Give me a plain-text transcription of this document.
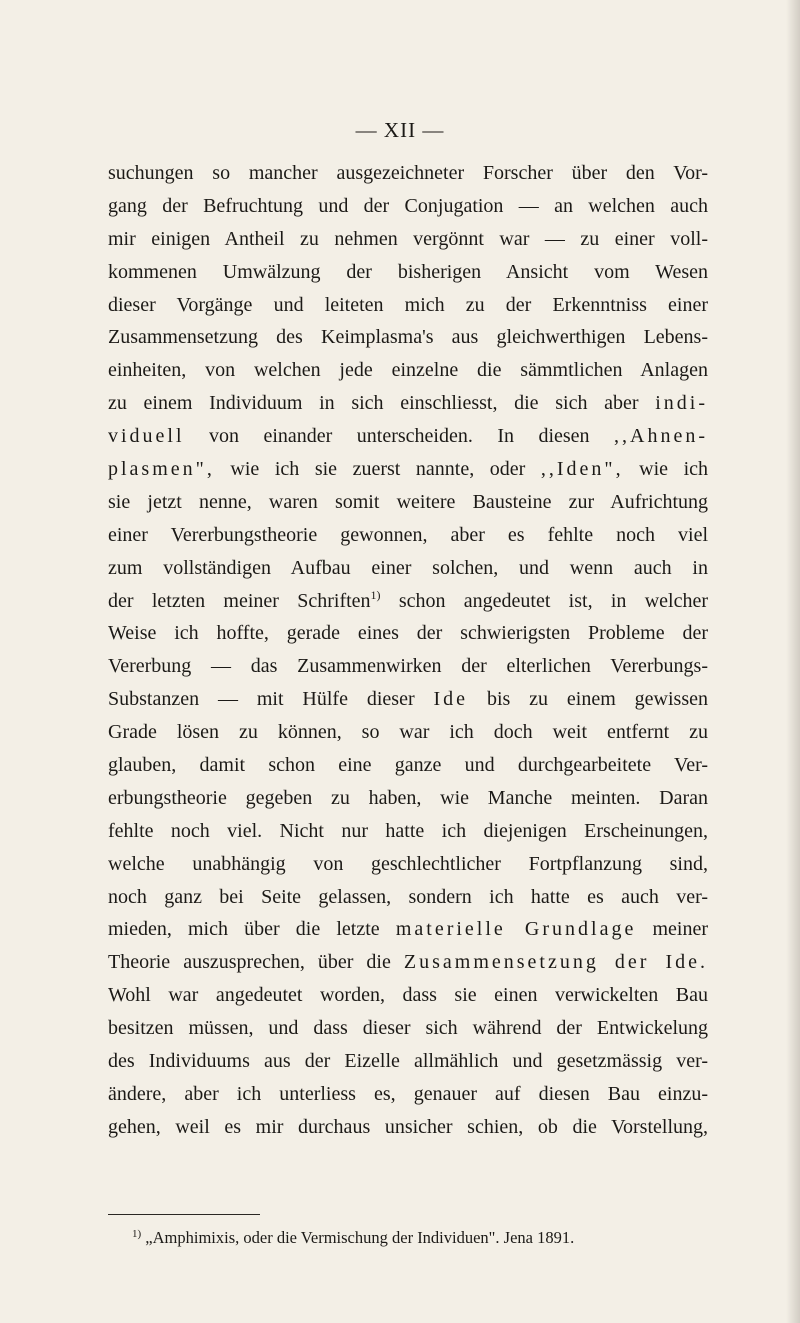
— XII —
suchungen so mancher ausgezeichneter Forscher über den Vor-
gang der Befruchtung und der Conjugation — an welchen auch
mir einigen Antheil zu nehmen vergönnt war — zu einer voll-
kommenen Umwälzung der bisherigen Ansicht vom Wesen
dieser Vorgänge und leiteten mich zu der Erkenntniss einer
Zusammensetzung des Keimplasma's aus gleichwerthigen Lebens-
einheiten, von welchen jede einzelne die sämmtlichen Anlagen
zu einem Individuum in sich einschliesst, die sich aber indi-
viduell von einander unterscheiden. In diesen ,,Ahnen-
plasmen", wie ich sie zuerst nannte, oder ,,Iden", wie ich
sie jetzt nenne, waren somit weitere Bausteine zur Aufrichtung
einer Vererbungstheorie gewonnen, aber es fehlte noch viel
zum vollständigen Aufbau einer solchen, und wenn auch in
der letzten meiner Schriften$^{1)}$ schon angedeutet ist, in welcher
Weise ich hoffte, gerade eines der schwierigsten Probleme der
Vererbung — das Zusammenwirken der elterlichen Vererbungs-
Substanzen — mit Hülfe dieser Ide bis zu einem gewissen
Grade lösen zu können, so war ich doch weit entfernt zu
glauben, damit schon eine ganze und durchgearbeitete Ver-
erbungstheorie gegeben zu haben, wie Manche meinten. Daran
fehlte noch viel. Nicht nur hatte ich diejenigen Erscheinungen,
welche unabhängig von geschlechtlicher Fortpflanzung sind,
noch ganz bei Seite gelassen, sondern ich hatte es auch ver-
mieden, mich über die letzte materielle Grundlage meiner
Theorie auszusprechen, über die Zusammensetzung der Ide.
Wohl war angedeutet worden, dass sie einen verwickelten Bau
besitzen müssen, und dass dieser sich während der Entwickelung
des Individuums aus der Eizelle allmählich und gesetzmässig ver-
ändere, aber ich unterliess es, genauer auf diesen Bau einzu-
gehen, weil es mir durchaus unsicher schien, ob die Vorstellung,
$^{1)}$ „Amphimixis, oder die Vermischung der Individuen". Jena 1891.
